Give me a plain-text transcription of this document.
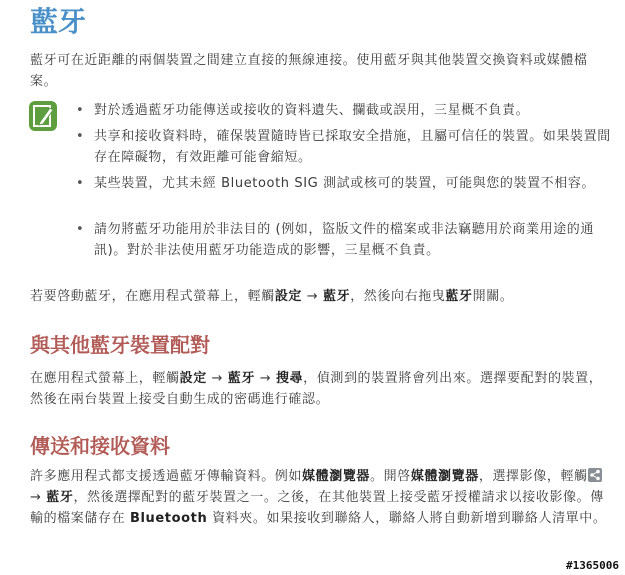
藍牙

藍牙可在近距離的兩個裝置之間建立直接的無線連接。使用藍牙與其他裝置交換資料或媒體檔案。

• 對於透過藍牙功能傳送或接收的資料遺失、攔截或誤用，三星概不負責。
• 共享和接收資料時，確保裝置隨時皆已採取安全措施，且屬可信任的裝置。如果裝置間存在障礙物，有效距離可能會縮短。
• 某些裝置，尤其未經 Bluetooth SIG 測試或核可的裝置，可能與您的裝置不相容。
• 請勿將藍牙功能用於非法目的 (例如，盜版文件的檔案或非法竊聽用於商業用途的通訊)。對於非法使用藍牙功能造成的影響，三星概不負責。

若要啓動藍牙，在應用程式螢幕上，輕觸設定 → 藍牙，然後向右拖曳藍牙開關。

與其他藍牙裝置配對

在應用程式螢幕上，輕觸設定 → 藍牙 → 搜尋，偵測到的裝置將會列出來。選擇要配對的裝置，然後在兩台裝置上接受自動生成的密碼進行確認。

傳送和接收資料

許多應用程式都支援透過藍牙傳輸資料。例如媒體瀏覽器。開啓媒體瀏覽器，選擇影像，輕觸 → 藍牙，然後選擇配對的藍牙裝置之一。之後，在其他裝置上接受藍牙授權請求以接收影像。傳輸的檔案儲存在 Bluetooth 資料夾。如果接收到聯絡人，聯絡人將自動新增到聯絡人清單中。

#1365006
